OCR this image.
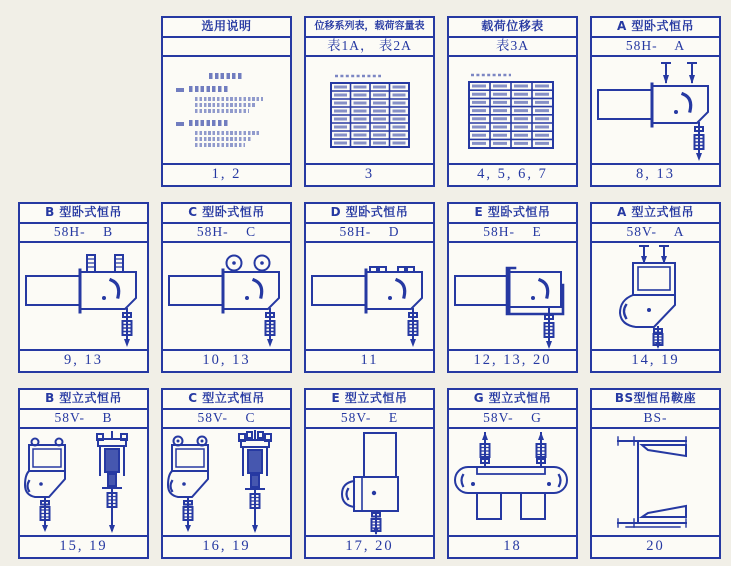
选用说明
1, 2
位移系列表，载荷容量表
表1A， 表2A
3
载荷位移表
表3A
4, 5, 6, 7
A 型卧式恒吊
58H-    A
8, 13
B 型卧式恒吊
58H-    B
9, 13
C 型卧式恒吊
58H-    C
10, 13
D 型卧式恒吊
58H-    D
11
E 型卧式恒吊
58H-    E
12, 13, 20
A 型立式恒吊
58V-    A
14, 19
B 型立式恒吊
58V-    B
15, 19
C 型立式恒吊
58V-    C
16, 19
E 型立式恒吊
58V-    E
17, 20
G 型立式恒吊
58V-    G
18
BS型恒吊鞍座
BS-
20
